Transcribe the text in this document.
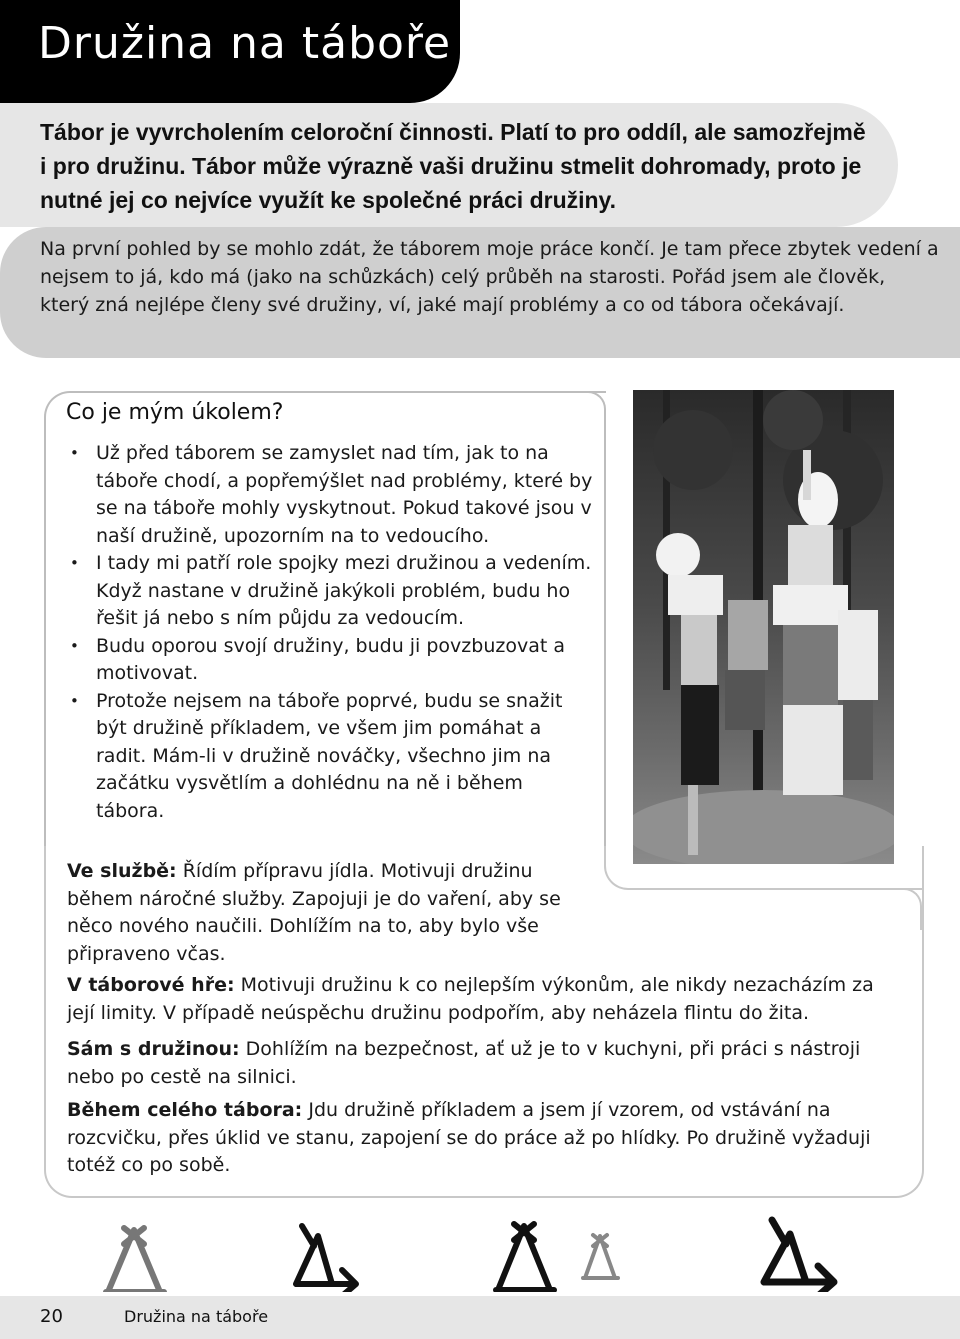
Družina na táboře

Tábor je vyvrcholením celoroční činnosti. Platí to pro oddíl, ale samozřejmě i pro družinu. Tábor může výrazně vaši družinu stmelit dohromady, proto je nutné jej co nejvíce využít ke společné práci družiny.

Na první pohled by se mohlo zdát, že táborem moje práce končí. Je tam přece zbytek vedení a nejsem to já, kdo má (jako na schůzkách) celý průběh na starosti. Pořád jsem ale člověk, který zná nejlépe členy své družiny, ví, jaké mají problémy a co od tábora očekávají.

Co je mým úkolem?
• Už před táborem se zamyslet nad tím, jak to na táboře chodí, a popřemýšlet nad problémy, které by se na táboře mohly vyskytnout. Pokud takové jsou v naší družině, upozorním na to vedoucího.
• I tady mi patří role spojky mezi družinou a vedením. Když nastane v družině jakýkoli problém, budu ho řešit já nebo s ním půjdu za vedoucím.
• Budu oporou svojí družiny, budu ji povzbuzovat a motivovat.
• Protože nejsem na táboře poprvé, budu se snažit být družině příkladem, ve všem jim pomáhat a radit. Mám-li v družině nováčky, všechno jim na začátku vysvětlím a dohlédnu na ně i během tábora.

Ve službě: Řídím přípravu jídla. Motivuji družinu během náročné služby. Zapojuji je do vaření, aby se něco nového naučili. Dohlížím na to, aby bylo vše připraveno včas.

V táborové hře: Motivuji družinu k co nejlepším výkonům, ale nikdy nezacházím za její limity. V případě neúspěchu družinu podpořím, aby neházela flintu do žita.

Sám s družinou: Dohlížím na bezpečnost, ať už je to v kuchyni, při práci s nástroji nebo po cestě na silnici.

Během celého tábora: Jdu družině příkladem a jsem jí vzorem, od vstávání na rozcvičku, přes úklid ve stanu, zapojení se do práce až po hlídky. Po družině vyžaduji totéž co po sobě.

20	Družina na táboře
